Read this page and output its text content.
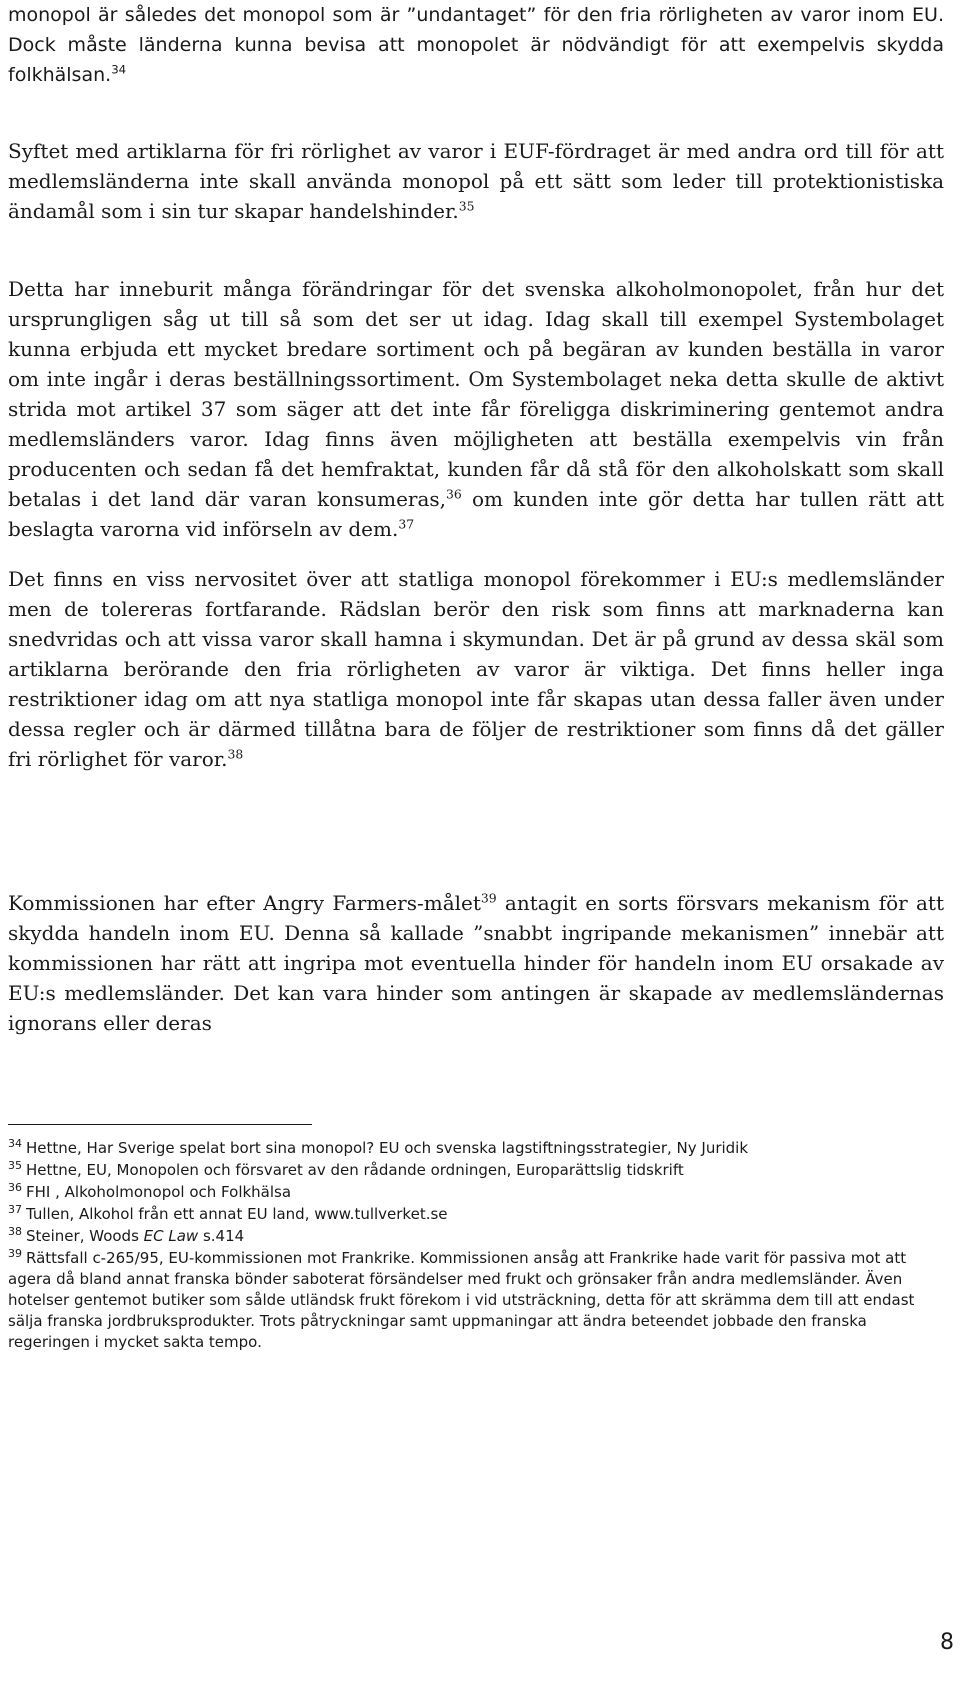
monopol är således det monopol som är ”undantaget” för den fria rörligheten av varor inom EU. Dock måste länderna kunna bevisa att monopolet är nödvändigt för att exempelvis skydda folkhälsan.$^{34}$

Syftet med artiklarna för fri rörlighet av varor i EUF-fördraget är med andra ord till för att medlemsländerna inte skall använda monopol på ett sätt som leder till protektionistiska ändamål som i sin tur skapar handelshinder.$^{35}$

Detta har inneburit många förändringar för det svenska alkoholmonopolet, från hur det ursprungligen såg ut till så som det ser ut idag. Idag skall till exempel Systembolaget kunna erbjuda ett mycket bredare sortiment och på begäran av kunden beställa in varor om inte ingår i deras beställningssortiment. Om Systembolaget neka detta skulle de aktivt strida mot artikel 37 som säger att det inte får föreligga diskriminering gentemot andra medlemsländers varor. Idag finns även möjligheten att beställa exempelvis vin från producenten och sedan få det hemfraktat, kunden får då stå för den alkoholskatt som skall betalas i det land där varan konsumeras,$^{36}$ om kunden inte gör detta har tullen rätt att beslagta varorna vid införseln av dem.$^{37}$

Det finns en viss nervositet över att statliga monopol förekommer i EU:s medlemsländer men de tolereras fortfarande. Rädslan berör den risk som finns att marknaderna kan snedvridas och att vissa varor skall hamna i skymundan. Det är på grund av dessa skäl som artiklarna berörande den fria rörligheten av varor är viktiga. Det finns heller inga restriktioner idag om att nya statliga monopol inte får skapas utan dessa faller även under dessa regler och är därmed tillåtna bara de följer de restriktioner som finns då det gäller fri rörlighet för varor.$^{38}$

Kommissionen har efter Angry Farmers-målet$^{39}$ antagit en sorts försvars mekanism för att skydda handeln inom EU. Denna så kallade ”snabbt ingripande mekanismen” innebär att kommissionen har rätt att ingripa mot eventuella hinder för handeln inom EU orsakade av EU:s medlemsländer. Det kan vara hinder som antingen är skapade av medlemsländernas ignorans eller deras

$^{34}$ Hettne, Har Sverige spelat bort sina monopol? EU och svenska lagstiftningsstrategier, Ny Juridik

$^{35}$ Hettne, EU, Monopolen och försvaret av den rådande ordningen, Europarättslig tidskrift

$^{36}$ FHI , Alkoholmonopol och Folkhälsa

$^{37}$ Tullen, Alkohol från ett annat EU land, www.tullverket.se

$^{38}$ Steiner, Woods EC Law s.414

$^{39}$ Rättsfall c-265/95, EU-kommissionen mot Frankrike. Kommissionen ansåg att Frankrike hade varit för passiva mot att agera då bland annat franska bönder saboterat försändelser med frukt och grönsaker från andra medlemsländer. Även hotelser gentemot butiker som sålde utländsk frukt förekom i vid utsträckning, detta för att skrämma dem till att endast sälja franska jordbruksprodukter. Trots påtryckningar samt uppmaningar att ändra beteendet jobbade den franska regeringen i mycket sakta tempo.

8
